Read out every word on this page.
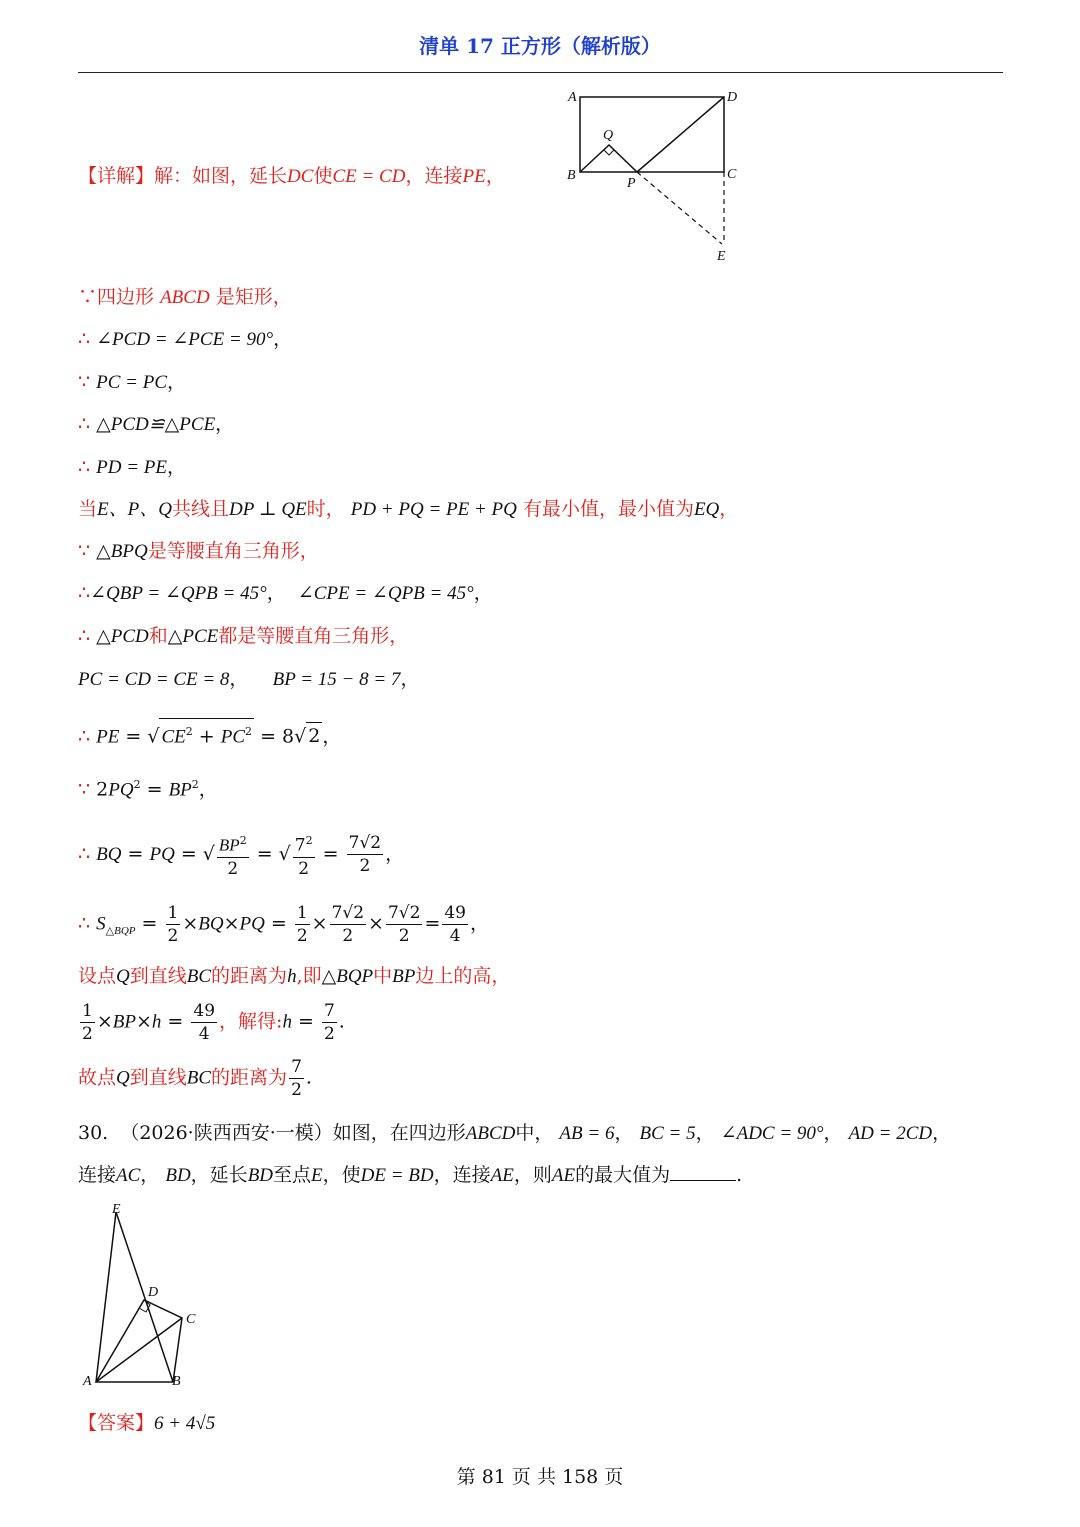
清单 17 正方形（解析版）
A	D
Q
B
P
C
E
【详解】解：如图，延长DC使CE = CD，连接PE，
∵四边形 ABCD 是矩形，
∴ ∠PCD = ∠PCE = 90°，
∵ PC = PC，
∴ △PCD≌△PCE，
∴ PD = PE，
当E、P、Q共线且DP ⊥ QE时， PD + PQ = PE + PQ 有最小值，最小值为EQ，
∵ △BPQ是等腰直角三角形，
∴∠QBP = ∠QPB = 45°，  ∠CPE = ∠QPB = 45°，
∴ △PCD和△PCE都是等腰直角三角形，
PC = CD = CE = 8，    BP = 15 − 8 = 7，
∴ PE = √ $CE^2 + PC^2 = 8√$ 2 ，
∵ $2PQ^2 = BP^2$，
∴ BQ = PQ = √ $\frac{BP^2}{2}$ = √ $\frac{7^2}{2} = \frac{7√2}{2}$ ，
∴ $S_{\triangle BQP} = \frac{1}{2} \times BQ\times PQ = \frac{1}{2} \times \frac{7√2}{2} \times \frac{7√2}{2} = \frac{49}{4}$ ，
设点Q到直线BC的距离为h,即△BQP中BP边上的高，
$\frac{1}{2} \times BP\times h = \frac{49}{4}$ ，解得:h = $\frac{7}{2}$ .
故点Q到直线BC的距离为 $\frac{7}{2}$ .
30. （2026·陕西西安·一模）如图，在四边形ABCD中， AB = 6， BC = 5， ∠ADC = 90°， AD = 2CD，
连接AC， BD，延长BD至点E，使DE = BD，连接AE，则AE的最大值为	.
E
D
C
A	B
【答案】6 + 4√5
第 81 页 共 158 页
